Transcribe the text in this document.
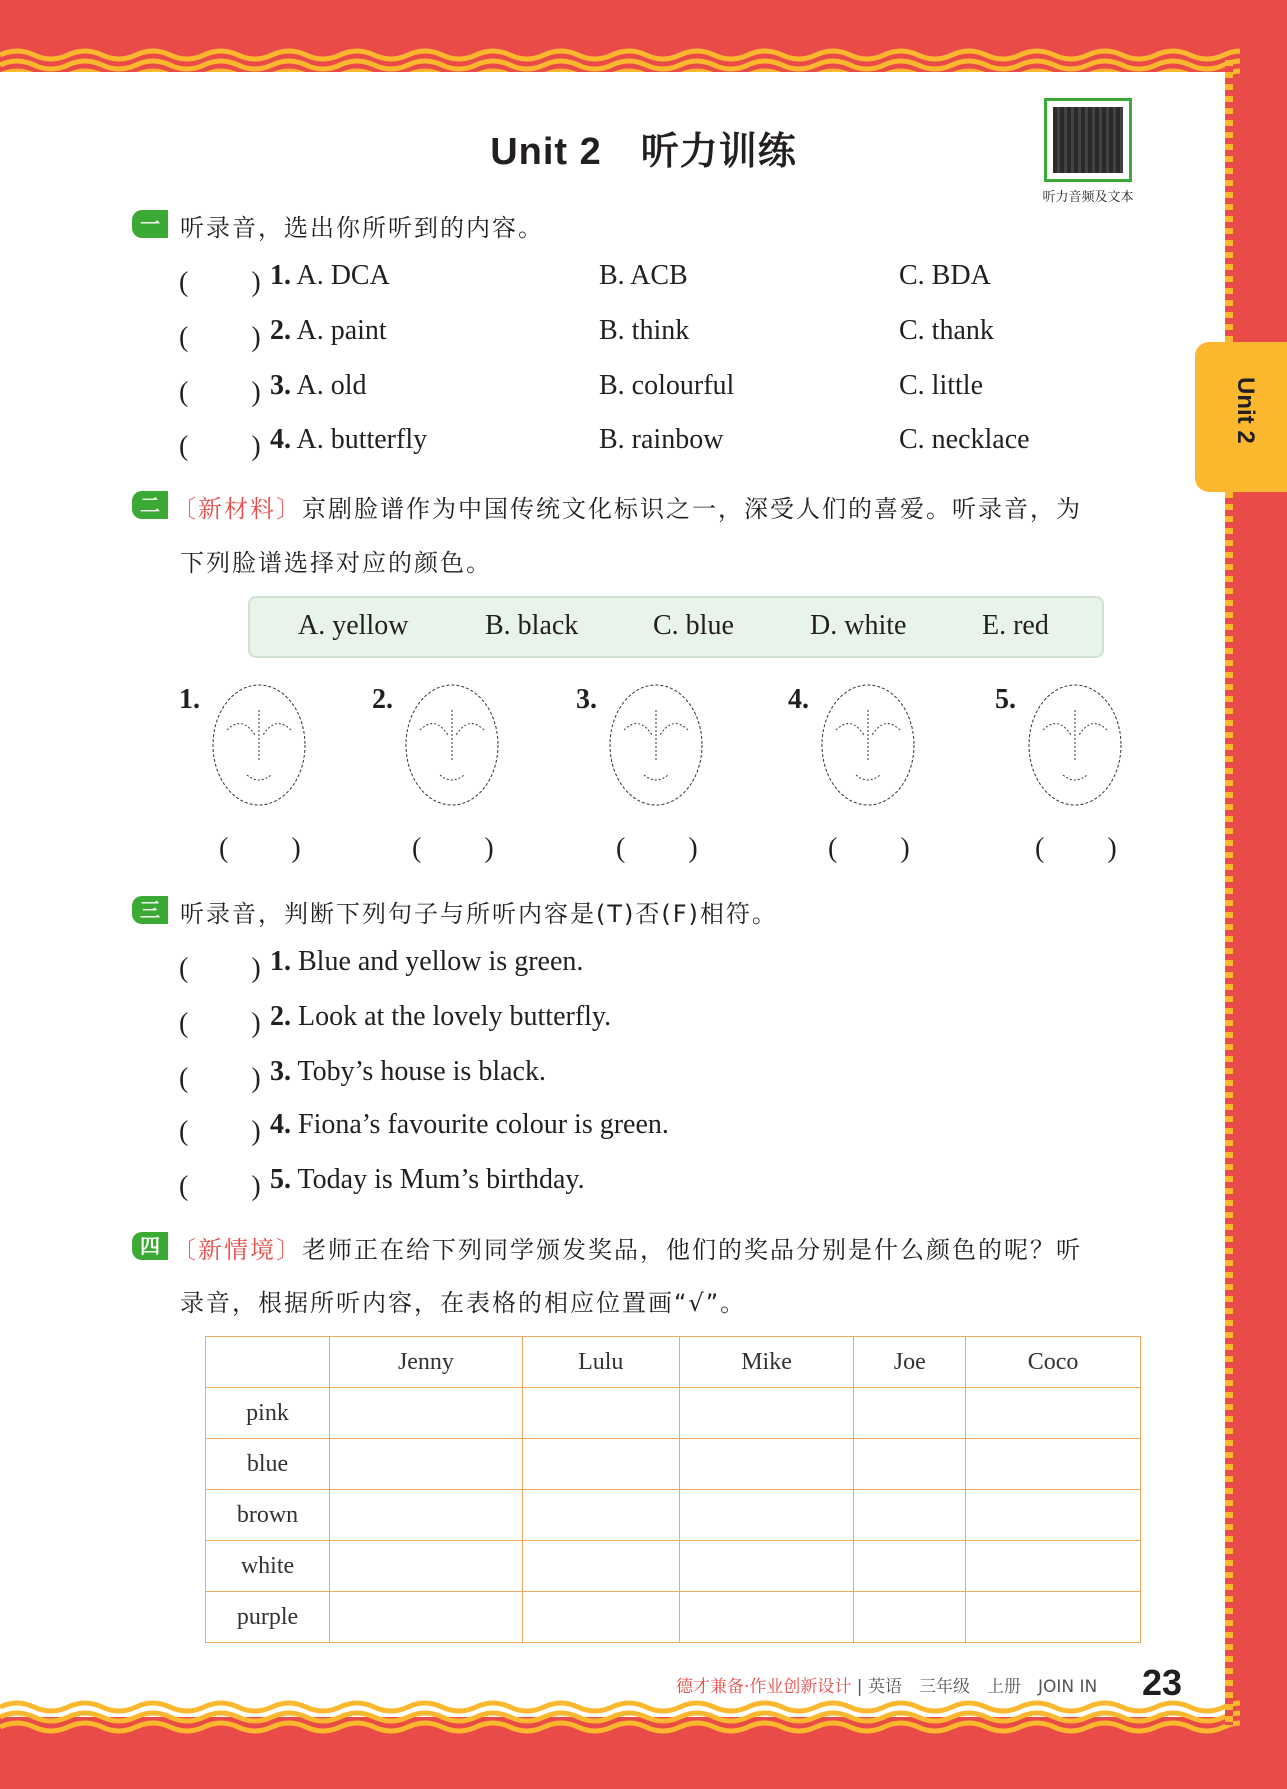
Unit 2　听力训练
听力音频及文本
Unit 2
一 听录音，选出你所听到的内容。
(　　 ) 1. A. DCA	B. ACB	C. BDA
(　　 ) 2. A. paint	B. think	C. thank
(　　 ) 3. A. old	B. colourful	C. little
(　　 ) 4. A. butterfly	B. rainbow	C. necklace
二 〔新材料〕京剧脸谱作为中国传统文化标识之一，深受人们的喜爱。听录音，为
下列脸谱选择对应的颜色。
A. yellow	B. black	C. blue	D. white	E. red
1.
(　　 )
2.
(　　 )
3.
(　　 )
4.
(　　 )
5.
(　　 )
三 听录音，判断下列句子与所听内容是(T)否(F)相符。
(　　 ) 1. Blue and yellow is green.
(　　 ) 2. Look at the lovely butterfly.
(　　 ) 3. Toby’s house is black.
(　　 ) 4. Fiona’s favourite colour is green.
(　　 ) 5. Today is Mum’s birthday.
四 〔新情境〕老师正在给下列同学颁发奖品，他们的奖品分别是什么颜色的呢？听
录音，根据所听内容，在表格的相应位置画“√”。
	Jenny	Lulu	Mike	Joe	Coco
pink					
blue					
brown					
white					
purple					
德才兼备·作业创新设计 | 英语　三年级　上册　JOIN IN 23
